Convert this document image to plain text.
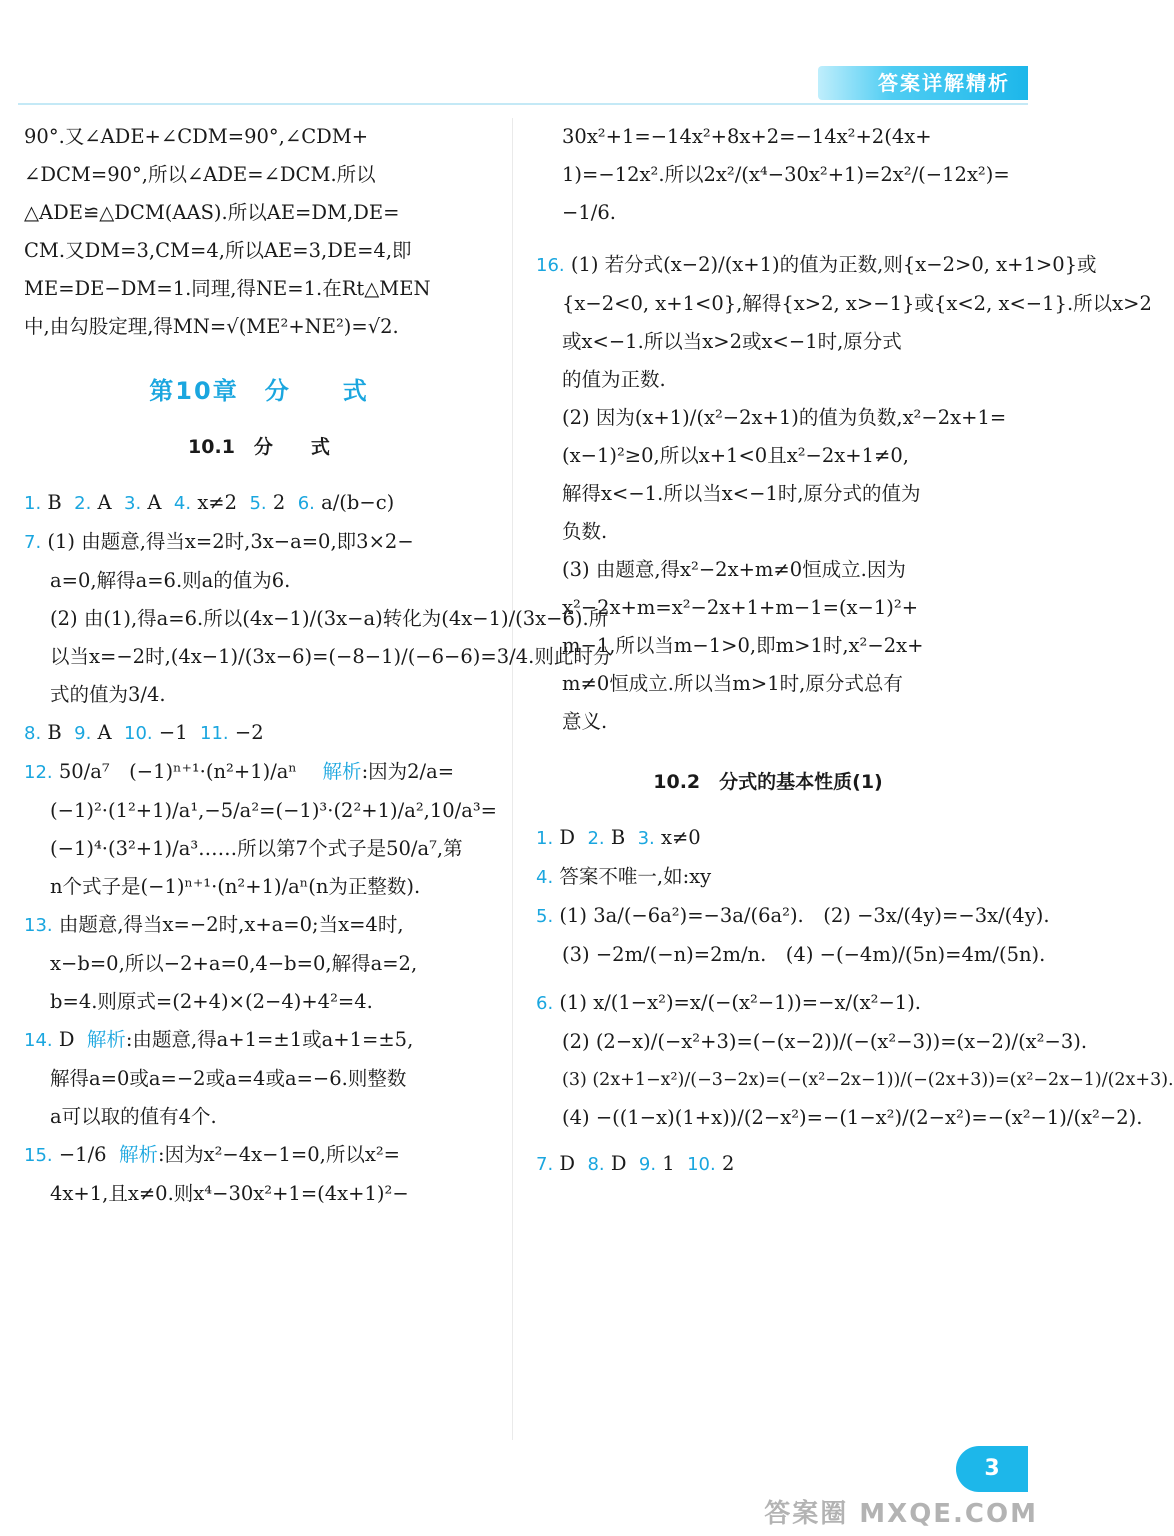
答案详解精析
90°.又∠ADE+∠CDM=90°,∠CDM+
∠DCM=90°,所以∠ADE=∠DCM.所以
△ADE≌△DCM(AAS).所以AE=DM,DE=
CM.又DM=3,CM=4,所以AE=3,DE=4,即
ME=DE−DM=1.同理,得NE=1.在Rt△MEN
中,由勾股定理,得MN=√(ME²+NE²)=√2.
第10章　分　　式
10.1　分　　式
1. B 2. A 3. A 4. x≠2 5. 2 6. a/(b−c)
7. (1) 由题意,得当x=2时,3x−a=0,即3×2−
a=0,解得a=6.则a的值为6.
(2) 由(1),得a=6.所以(4x−1)/(3x−a)转化为(4x−1)/(3x−6).所
以当x=−2时,(4x−1)/(3x−6)=(−8−1)/(−6−6)=3/4.则此时分
式的值为3/4.
8. B 9. A 10. −1 11. −2
12. 50/a⁷　(−1)ⁿ⁺¹·(n²+1)/aⁿ　 解析:因为2/a=
(−1)²·(1²+1)/a¹,−5/a²=(−1)³·(2²+1)/a²,10/a³=
(−1)⁴·(3²+1)/a³……所以第7个式子是50/a⁷,第
n个式子是(−1)ⁿ⁺¹·(n²+1)/aⁿ(n为正整数).
13. 由题意,得当x=−2时,x+a=0;当x=4时,
x−b=0,所以−2+a=0,4−b=0,解得a=2,
b=4.则原式=(2+4)×(2−4)+4²=4.
14. D 解析:由题意,得a+1=±1或a+1=±5,
解得a=0或a=−2或a=4或a=−6.则整数
a可以取的值有4个.
15. −1/6 解析:因为x²−4x−1=0,所以x²=
4x+1,且x≠0.则x⁴−30x²+1=(4x+1)²−
30x²+1=−14x²+8x+2=−14x²+2(4x+
1)=−12x².所以2x²/(x⁴−30x²+1)=2x²/(−12x²)=
−1/6.
16. (1) 若分式(x−2)/(x+1)的值为正数,则{x−2>0, x+1>0}或
{x−2<0, x+1<0},解得{x>2, x>−1}或{x<2, x<−1}.所以x>2
或x<−1.所以当x>2或x<−1时,原分式
的值为正数.
(2) 因为(x+1)/(x²−2x+1)的值为负数,x²−2x+1=
(x−1)²≥0,所以x+1<0且x²−2x+1≠0,
解得x<−1.所以当x<−1时,原分式的值为
负数.
(3) 由题意,得x²−2x+m≠0恒成立.因为
x²−2x+m=x²−2x+1+m−1=(x−1)²+
m−1,所以当m−1>0,即m>1时,x²−2x+
m≠0恒成立.所以当m>1时,原分式总有
意义.
10.2　分式的基本性质(1)
1. D 2. B 3. x≠0
4. 答案不唯一,如:xy
5. (1) 3a/(−6a²)=−3a/(6a²).　(2) −3x/(4y)=−3x/(4y).
(3) −2m/(−n)=2m/n.　(4) −(−4m)/(5n)=4m/(5n).
6. (1) x/(1−x²)=x/(−(x²−1))=−x/(x²−1).
(2) (2−x)/(−x²+3)=(−(x−2))/(−(x²−3))=(x−2)/(x²−3).
(3) (2x+1−x²)/(−3−2x)=(−(x²−2x−1))/(−(2x+3))=(x²−2x−1)/(2x+3).
(4) −((1−x)(1+x))/(2−x²)=−(1−x²)/(2−x²)=−(x²−1)/(x²−2).
7. D 8. D 9. 1 10. 2
3
答案圈 MXQE.COM
